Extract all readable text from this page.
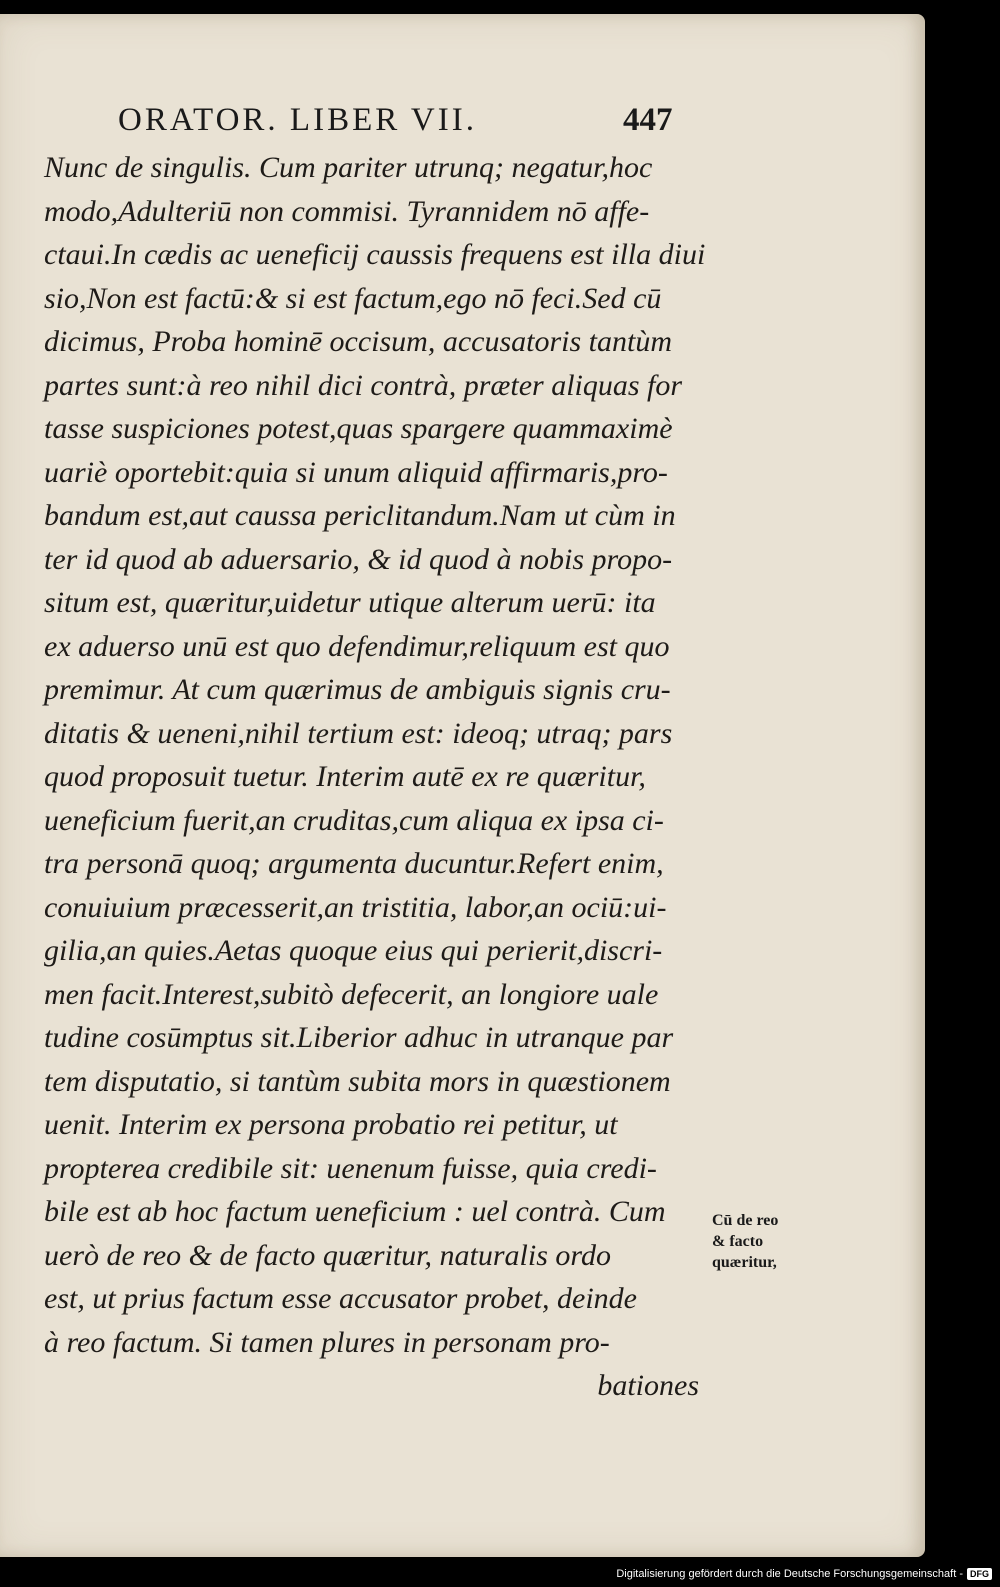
ORATOR. LIBER VII.	447
Nunc de singulis. Cum pariter utrunq; negatur,hoc
modo,Adulteriū non commisi. Tyrannidem nō affe-
ctaui.In cædis ac ueneficij caussis frequens est illa diui
sio,Non est factū:& si est factum,ego nō feci.Sed cū
dicimus, Proba hominē occisum, accusatoris tantùm
partes sunt:à reo nihil dici contrà, præter aliquas for
tasse suspiciones potest,quas spargere quammaximè
uariè oportebit:quia si unum aliquid affirmaris,pro-
bandum est,aut caussa periclitandum.Nam ut cùm in
ter id quod ab aduersario, & id quod à nobis propo-
situm est, quæritur,uidetur utique alterum uerū: ita
ex aduerso unū est quo defendimur,reliquum est quo
premimur. At cum quærimus de ambiguis signis cru-
ditatis & ueneni,nihil tertium est: ideoq; utraq; pars
quod proposuit tuetur. Interim autē ex re quæritur,
ueneficium fuerit,an cruditas,cum aliqua ex ipsa ci-
tra personā quoq; argumenta ducuntur.Refert enim,
conuiuium præcesserit,an tristitia, labor,an ociū:ui-
gilia,an quies.Aetas quoque eius qui perierit,discri-
men facit.Interest,subitò defecerit, an longiore uale
tudine cosūmptus sit.Liberior adhuc in utranque par
tem disputatio, si tantùm subita mors in quæstionem
uenit. Interim ex persona probatio rei petitur, ut
propterea credibile sit: uenenum fuisse, quia credi-
bile est ab hoc factum ueneficium : uel contrà. Cum
uerò de reo & de facto quæritur, naturalis ordo
est, ut prius factum esse accusator probet, deinde
à reo factum. Si tamen plures in personam pro-
bationes
Cū de reo
& facto
quæritur,
Digitalisierung gefördert durch die Deutsche Forschungsgemeinschaft - DFG
